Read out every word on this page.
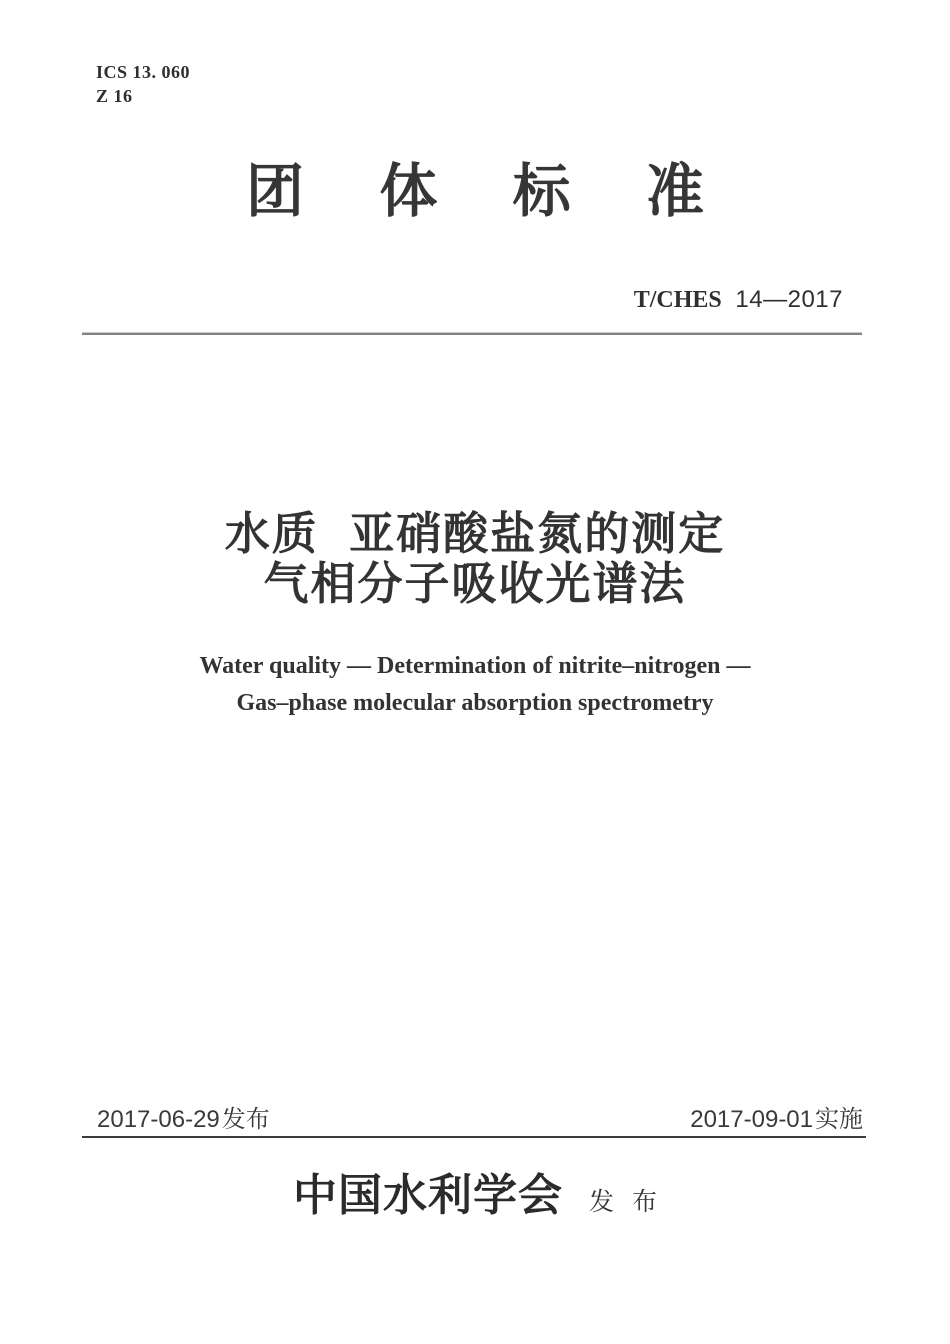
ICS 13. 060
Z 16
团 体 标 准
T/CHES 14—2017
水质 亚硝酸盐氮的测定
气相分子吸收光谱法
Water quality — Determination of nitrite–nitrogen —
Gas–phase molecular absorption spectrometry
2017-06-29发布	2017-09-01实施
中国水利学会 发布
